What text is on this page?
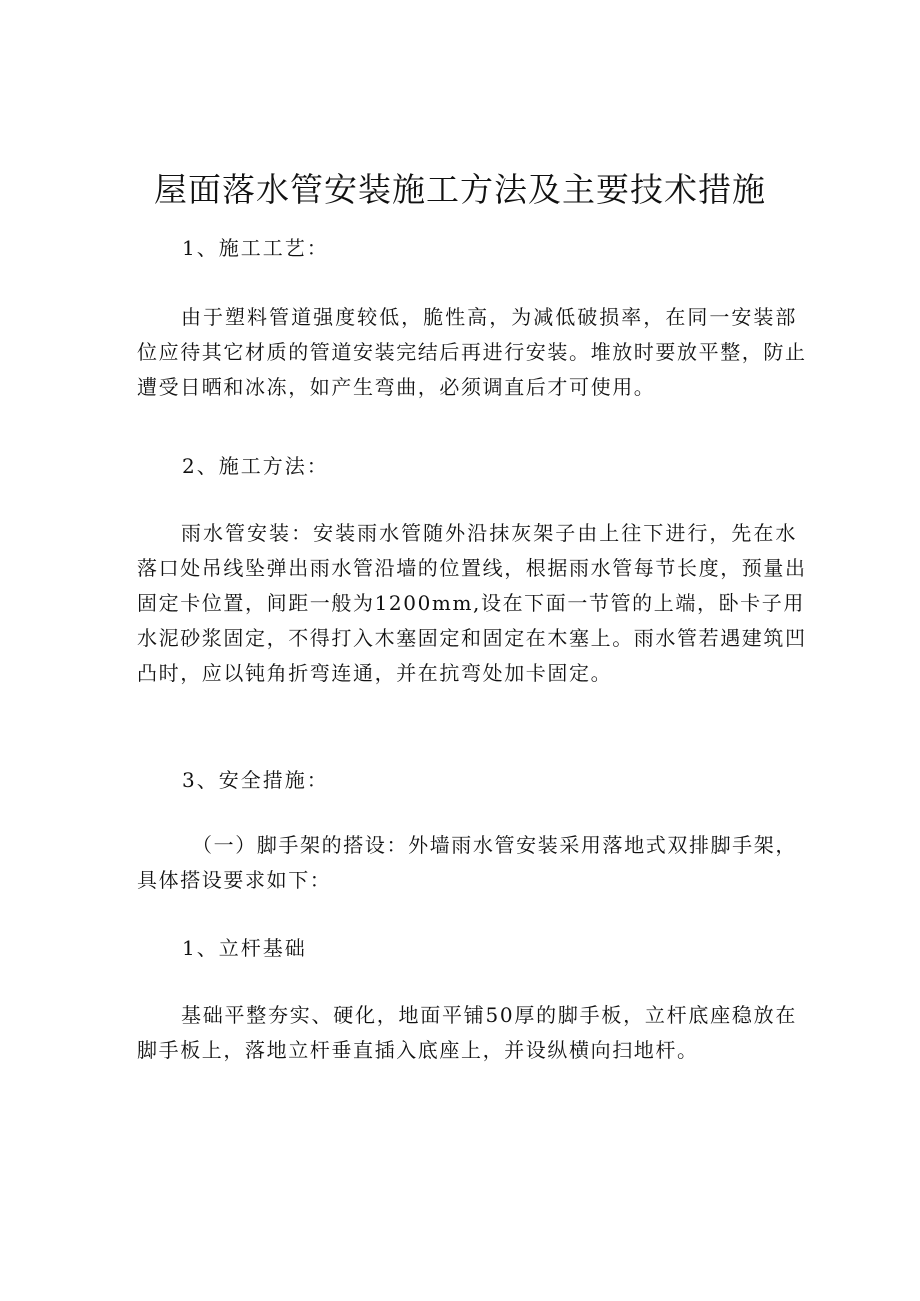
屋面落水管安装施工方法及主要技术措施

1、施工工艺：

由于塑料管道强度较低，脆性高，为减低破损率，在同一安装部
位应待其它材质的管道安装完结后再进行安装。堆放时要放平整，防止
遭受日晒和冰冻，如产生弯曲，必须调直后才可使用。

2、施工方法：

雨水管安装：安装雨水管随外沿抹灰架子由上往下进行，先在水
落口处吊线坠弹出雨水管沿墙的位置线，根据雨水管每节长度，预量出
固定卡位置，间距一般为1200mm,设在下面一节管的上端，卧卡子用
水泥砂浆固定，不得打入木塞固定和固定在木塞上。雨水管若遇建筑凹
凸时，应以钝角折弯连通，并在抗弯处加卡固定。

3、安全措施：

（一）脚手架的搭设：外墙雨水管安装采用落地式双排脚手架，
具体搭设要求如下：

1、立杆基础

基础平整夯实、硬化，地面平铺50厚的脚手板，立杆底座稳放在
脚手板上，落地立杆垂直插入底座上，并设纵横向扫地杆。
